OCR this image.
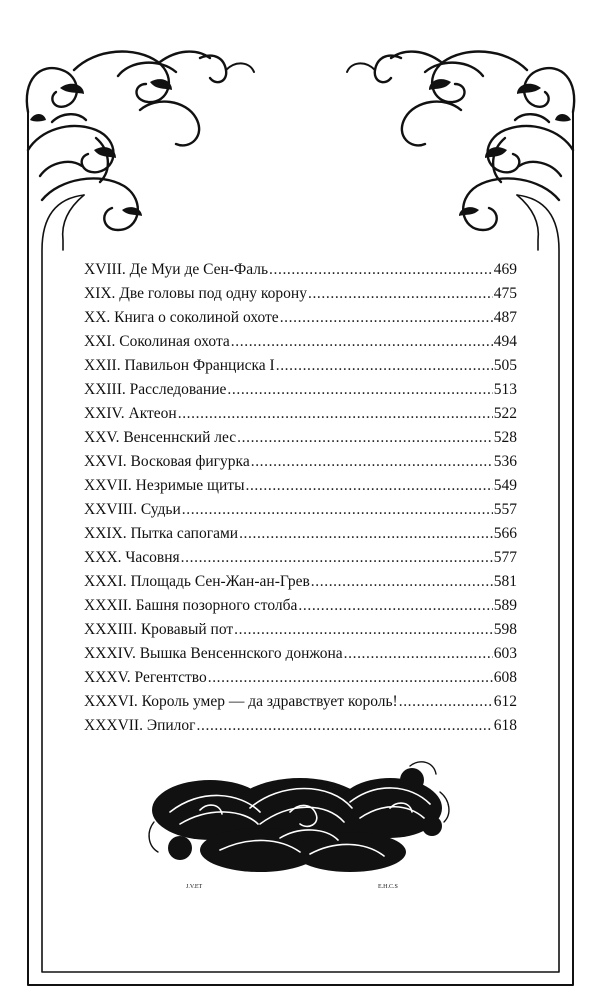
XVIII. Де Муи де Сен-Фаль .....	469
XIX. Две головы под одну корону .....	475
XX. Книга о соколиной охоте .....	487
XXI. Соколиная охота .....	494
XXII. Павильон Франциска I .....	505
XXIII. Расследование .....	513
XXIV. Актеон .....	522
XXV. Венсеннский лес .....	528
XXVI. Восковая фигурка .....	536
XXVII. Незримые щиты .....	549
XXVIII. Судьи .....	557
XXIX. Пытка сапогами .....	566
XXX. Часовня .....	577
XXXI. Площадь Сен-Жан-ан-Грев .....	581
XXXII. Башня позорного столба .....	589
XXXIII. Кровавый пот .....	598
XXXIV. Вышка Венсеннского донжона .....	603
XXXV. Регентство .....	608
XXXVI. Король умер — да здравствует король! .....	612
XXXVII. Эпилог .....	618
J.V.ET	E.H.C.S
